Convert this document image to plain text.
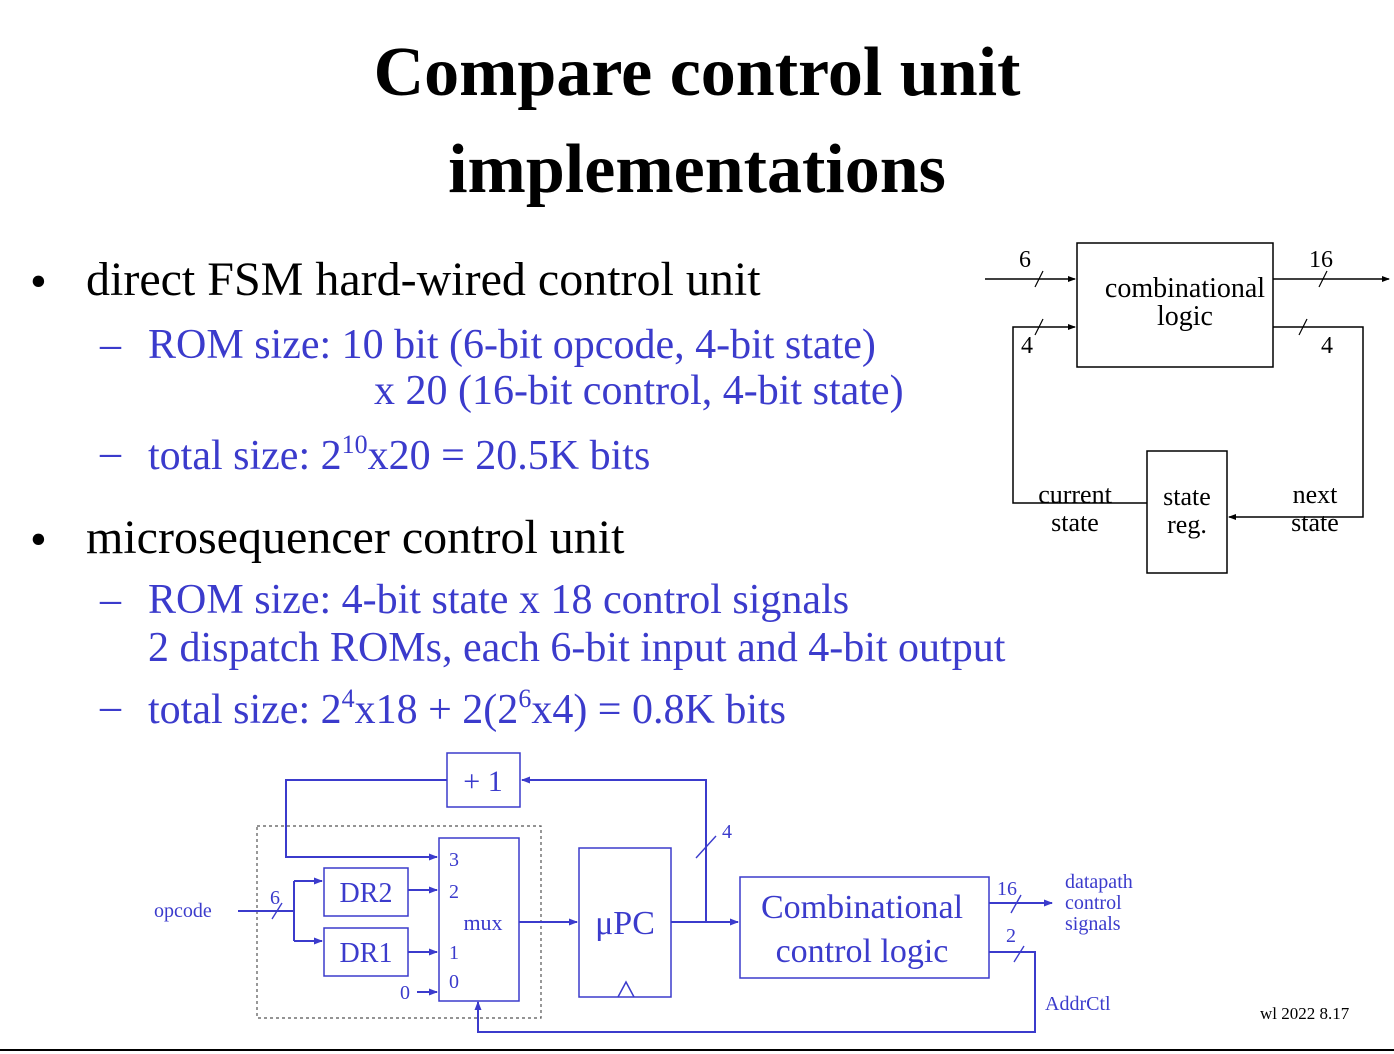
Compare control unit
implementations
• direct FSM hard-wired control unit
– ROM size: 10 bit (6-bit opcode, 4-bit state)
x 20 (16-bit control, 4-bit state)
– total size: $2^{10}x20 = 20.5K$ bits
• microsequencer control unit
– ROM size: 4-bit state x 18 control signals
2 dispatch ROMs, each 6-bit input and 4-bit output
– total size: $2^4x18 + 2(2^6x4) = 0.8K$ bits
combinational
logic
6
4
16
4
state
reg.
current
state
next
state
+ 1
opcode
6 DR2
DR1
mux
3
2
1
0
0
μPC
4
Combinational
control logic
16 datapath
control
signals
2
AddrCtl	wl 2022 8.17
